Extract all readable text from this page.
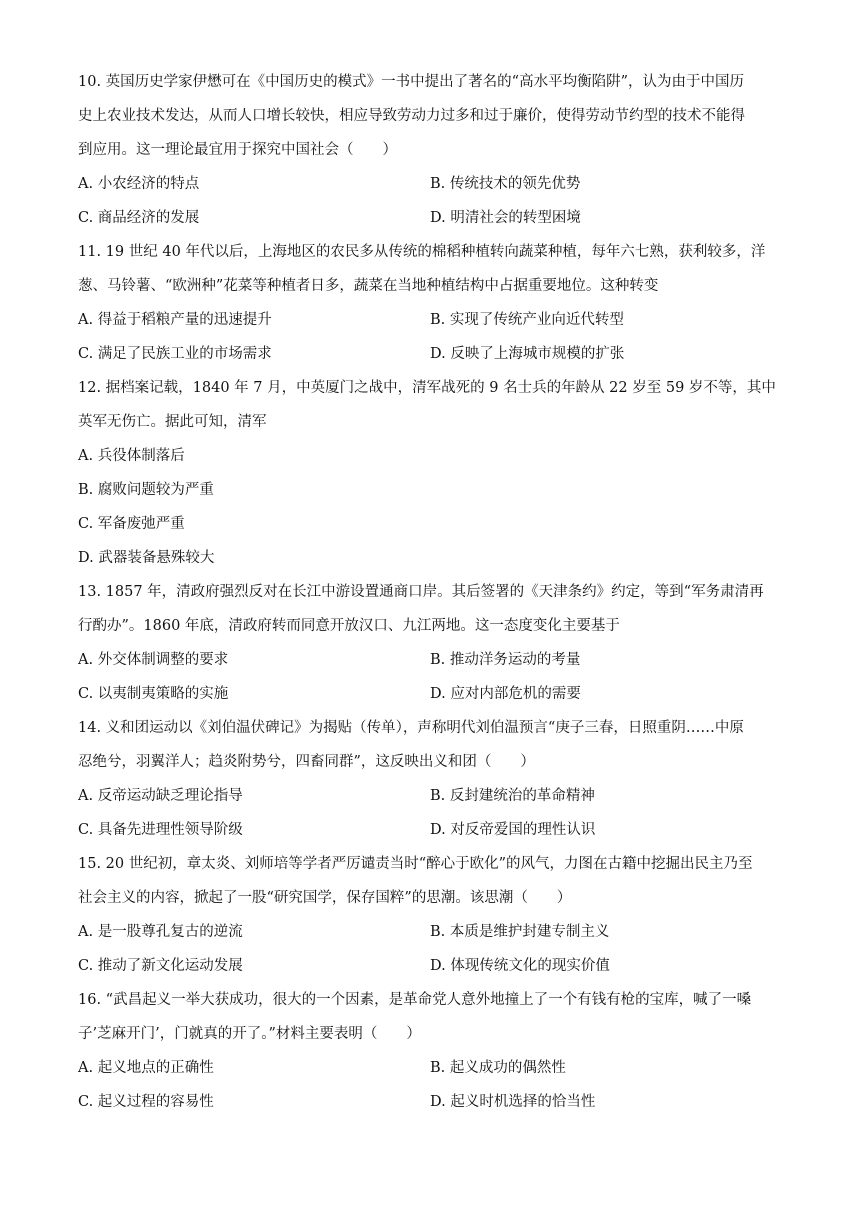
10. 英国历史学家伊懋可在《中国历史的模式》一书中提出了著名的“高水平均衡陷阱”，认为由于中国历
史上农业技术发达，从而人口增长较快，相应导致劳动力过多和过于廉价，使得劳动节约型的技术不能得
到应用。这一理论最宜用于探究中国社会（　　）
A. 小农经济的特点	B. 传统技术的领先优势
C. 商品经济的发展	D. 明清社会的转型困境
11. 19 世纪 40 年代以后，上海地区的农民多从传统的棉稻种植转向蔬菜种植，每年六七熟，获利较多，洋
葱、马铃薯、“欧洲种”花菜等种植者日多，蔬菜在当地种植结构中占据重要地位。这种转变
A. 得益于稻粮产量的迅速提升	B. 实现了传统产业向近代转型
C. 满足了民族工业的市场需求	D. 反映了上海城市规模的扩张
12. 据档案记载，1840 年 7 月，中英厦门之战中，清军战死的 9 名士兵的年龄从 22 岁至 59 岁不等，其中
英军无伤亡。据此可知，清军
A. 兵役体制落后
B. 腐败问题较为严重
C. 军备废弛严重
D. 武器装备悬殊较大
13. 1857 年，清政府强烈反对在长江中游设置通商口岸。其后签署的《天津条约》约定，等到“军务肃清再
行酌办”。1860 年底，清政府转而同意开放汉口、九江两地。这一态度变化主要基于
A. 外交体制调整的要求	B. 推动洋务运动的考量
C. 以夷制夷策略的实施	D. 应对内部危机的需要
14. 义和团运动以《刘伯温伏碑记》为揭贴（传单），声称明代刘伯温预言“庚子三春，日照重阴……中原
忍绝兮，羽翼洋人；趋炎附势兮，四畜同群”，这反映出义和团（　　）
A. 反帝运动缺乏理论指导	B. 反封建统治的革命精神
C. 具备先进理性领导阶级	D. 对反帝爱国的理性认识
15. 20 世纪初，章太炎、刘师培等学者严厉谴责当时“醉心于欧化”的风气，力图在古籍中挖掘出民主乃至
社会主义的内容，掀起了一股“研究国学，保存国粹”的思潮。该思潮（　　）
A. 是一股尊孔复古的逆流	B. 本质是维护封建专制主义
C. 推动了新文化运动发展	D. 体现传统文化的现实价值
16. “武昌起义一举大获成功，很大的一个因素，是革命党人意外地撞上了一个有钱有枪的宝库，喊了一嗓
子’芝麻开门’，门就真的开了。”材料主要表明（　　）
A. 起义地点的正确性	B. 起义成功的偶然性
C. 起义过程的容易性	D. 起义时机选择的恰当性
